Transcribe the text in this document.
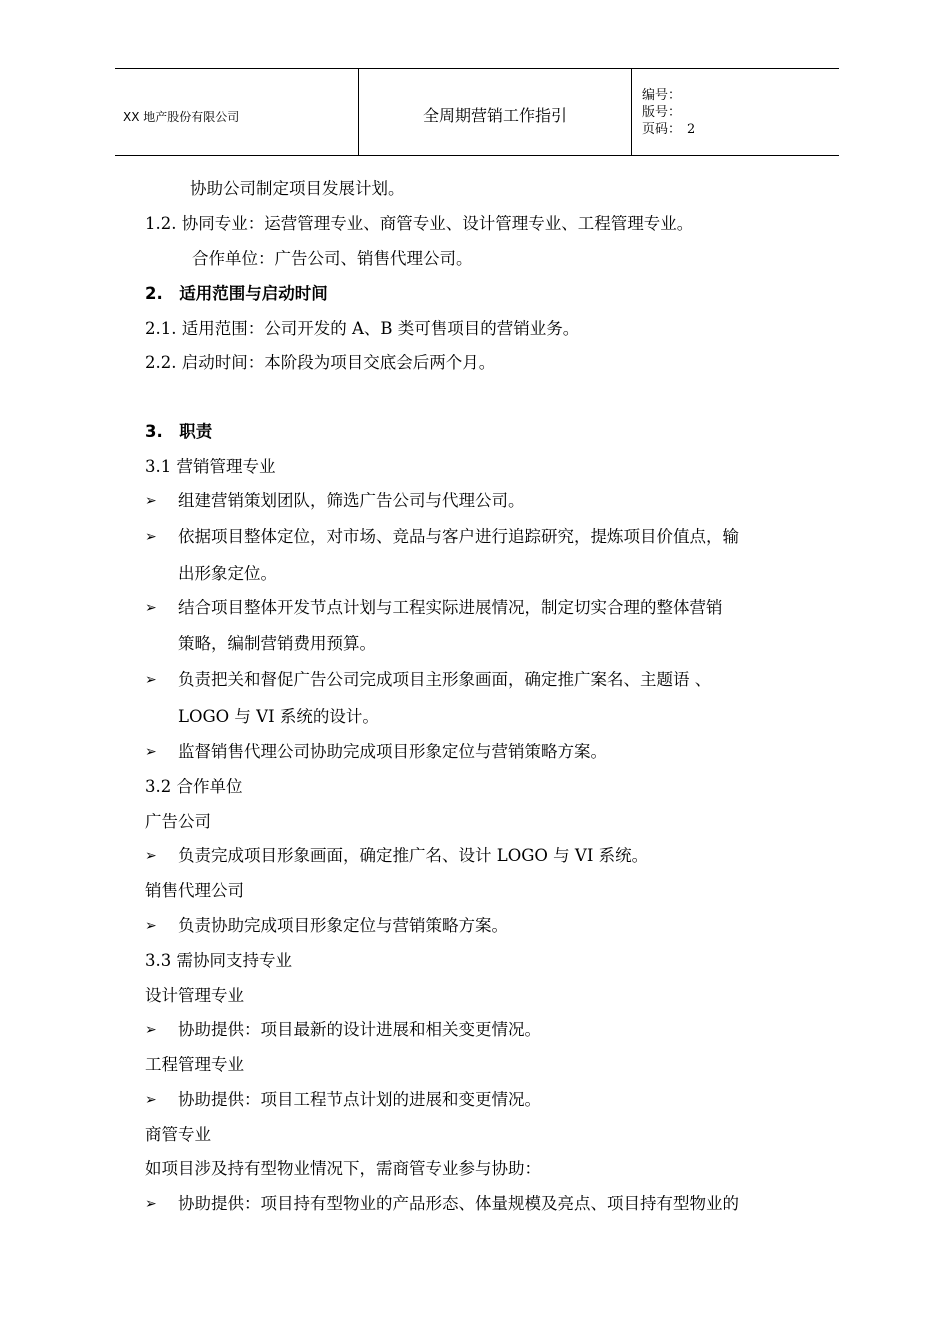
XX 地产股份有限公司	全周期营销工作指引
编号：
版号：
页码： 2
协助公司制定项目发展计划。
1.2. 协同专业：运营管理专业、商管专业、设计管理专业、工程管理专业。
合作单位：广告公司、销售代理公司。
2.　适用范围与启动时间
2.1. 适用范围：公司开发的 A、B 类可售项目的营销业务。
2.2. 启动时间：本阶段为项目交底会后两个月。
3.　职责
3.1 营销管理专业
➢ 组建营销策划团队，筛选广告公司与代理公司。
➢ 依据项目整体定位，对市场、竞品与客户进行追踪研究，提炼项目价值点，输
出形象定位。
➢ 结合项目整体开发节点计划与工程实际进展情况，制定切实合理的整体营销
策略，编制营销费用预算。
➢ 负责把关和督促广告公司完成项目主形象画面，确定推广案名、主题语 、
LOGO 与 VI 系统的设计。
➢ 监督销售代理公司协助完成项目形象定位与营销策略方案。
3.2 合作单位
广告公司
➢ 负责完成项目形象画面，确定推广名、设计 LOGO 与 VI 系统。
销售代理公司
➢ 负责协助完成项目形象定位与营销策略方案。
3.3 需协同支持专业
设计管理专业
➢ 协助提供：项目最新的设计进展和相关变更情况。
工程管理专业
➢ 协助提供：项目工程节点计划的进展和变更情况。
商管专业
如项目涉及持有型物业情况下，需商管专业参与协助：
➢ 协助提供：项目持有型物业的产品形态、体量规模及亮点、项目持有型物业的
